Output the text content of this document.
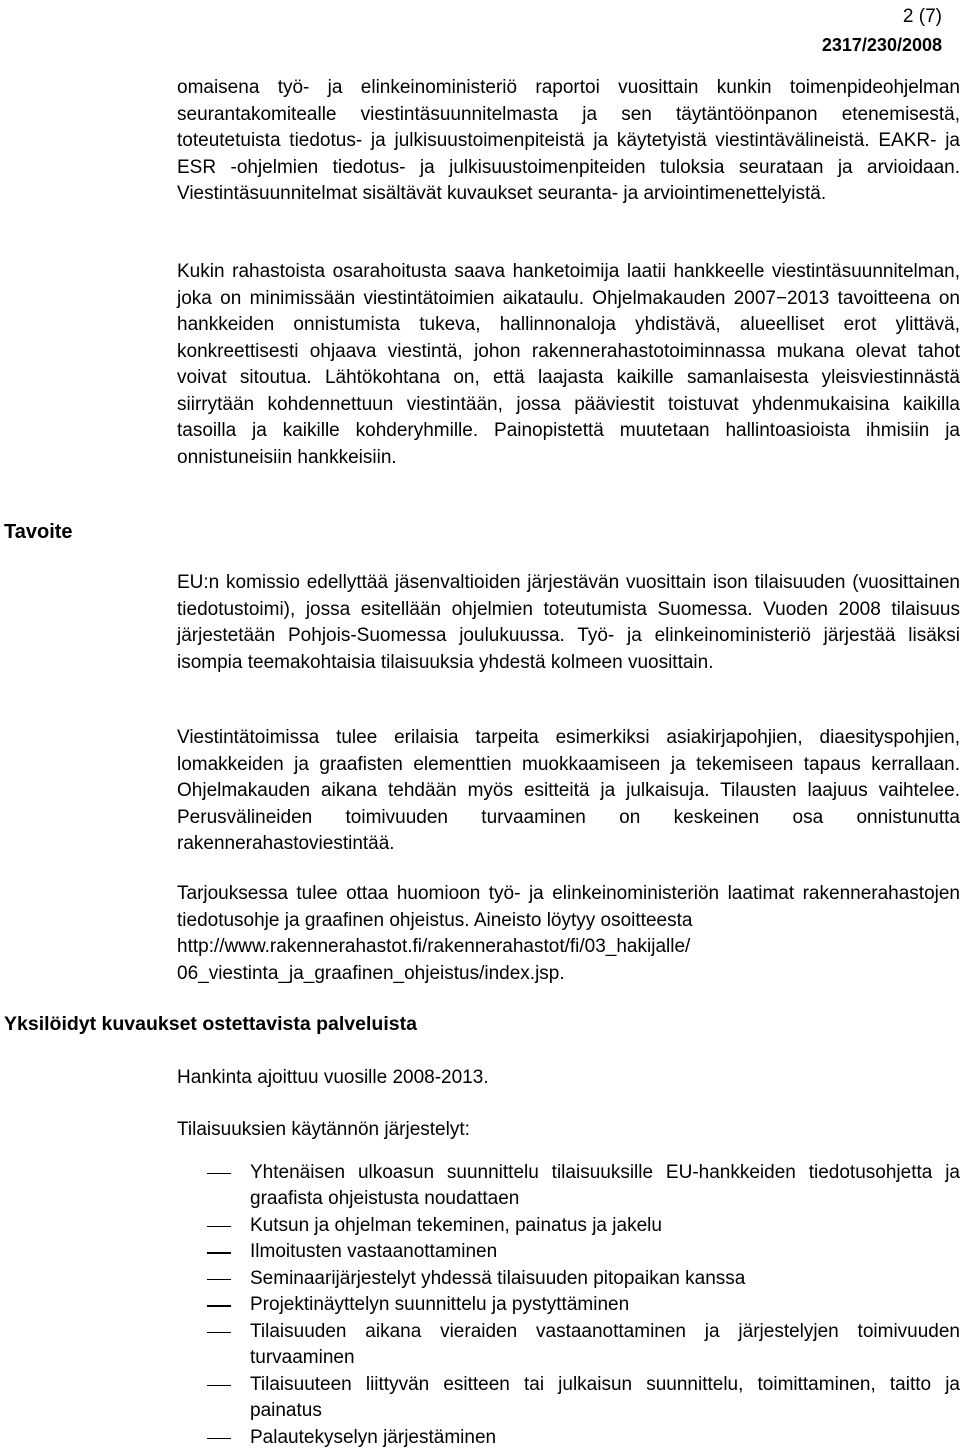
2 (7)
2317/230/2008

omaisena työ- ja elinkeinoministeriö raportoi vuosittain kunkin toimenpideohjelman seurantakomitealle viestintäsuunnitelmasta ja sen täytäntöönpanon etenemisestä, toteutetuista tiedotus- ja julkisuustoimenpiteistä ja käytetyistä viestintävälineistä. EAKR- ja ESR -ohjelmien tiedotus- ja julkisuustoimenpiteiden tuloksia seurataan ja arvioidaan. Viestintäsuunnitelmat sisältävät kuvaukset seuranta- ja arviointimenettelyistä.

Kukin rahastoista osarahoitusta saava hanketoimija laatii hankkeelle viestintäsuunnitelman, joka on minimissään viestintätoimien aikataulu. Ohjelmakauden 2007−2013 tavoitteena on hankkeiden onnistumista tukeva, hallinnonaloja yhdistävä, alueelliset erot ylittävä, konkreettisesti ohjaava viestintä, johon rakennerahastotoiminnassa mukana olevat tahot voivat sitoutua. Lähtökohtana on, että laajasta kaikille samanlaisesta yleisviestinnästä siirrytään kohdennettuun viestintään, jossa pääviestit toistuvat yhdenmukaisina kaikilla tasoilla ja kaikille kohderyhmille. Painopistettä muutetaan hallintoasioista ihmisiin ja onnistuneisiin hankkeisiin.

Tavoite

EU:n komissio edellyttää jäsenvaltioiden järjestävän vuosittain ison tilaisuuden (vuosittainen tiedotustoimi), jossa esitellään ohjelmien toteutumista Suomessa. Vuoden 2008 tilaisuus järjestetään Pohjois-Suomessa joulukuussa. Työ- ja elinkeinoministeriö järjestää lisäksi isompia teemakohtaisia tilaisuuksia yhdestä kolmeen vuosittain.

Viestintätoimissa tulee erilaisia tarpeita esimerkiksi asiakirjapohjien, diaesityspohjien, lomakkeiden ja graafisten elementtien muokkaamiseen ja tekemiseen tapaus kerrallaan. Ohjelmakauden aikana tehdään myös esitteitä ja julkaisuja. Tilausten laajuus vaihtelee. Perusvälineiden toimivuuden turvaaminen on keskeinen osa onnistunutta rakennerahastoviestintää.

Tarjouksessa tulee ottaa huomioon työ- ja elinkeinoministeriön laatimat rakennerahastojen tiedotusohje ja graafinen ohjeistus. Aineisto löytyy osoitteesta
http://www.rakennerahastot.fi/rakennerahastot/fi/03_hakijalle/
06_viestinta_ja_graafinen_ohjeistus/index.jsp.

Yksilöidyt kuvaukset ostettavista palveluista

Hankinta ajoittuu vuosille 2008-2013.

Tilaisuuksien käytännön järjestelyt:

Yhtenäisen ulkoasun suunnittelu tilaisuuksille EU-hankkeiden tiedotusohjetta ja graafista ohjeistusta noudattaen
Kutsun ja ohjelman tekeminen, painatus ja jakelu
Ilmoitusten vastaanottaminen
Seminaarijärjestelyt yhdessä tilaisuuden pitopaikan kanssa
Projektinäyttelyn suunnittelu ja pystyttäminen
Tilaisuuden aikana vieraiden vastaanottaminen ja järjestelyjen toimivuuden turvaaminen
Tilaisuuteen liittyvän esitteen tai julkaisun suunnittelu, toimittaminen, taitto ja painatus
Palautekyselyn järjestäminen
